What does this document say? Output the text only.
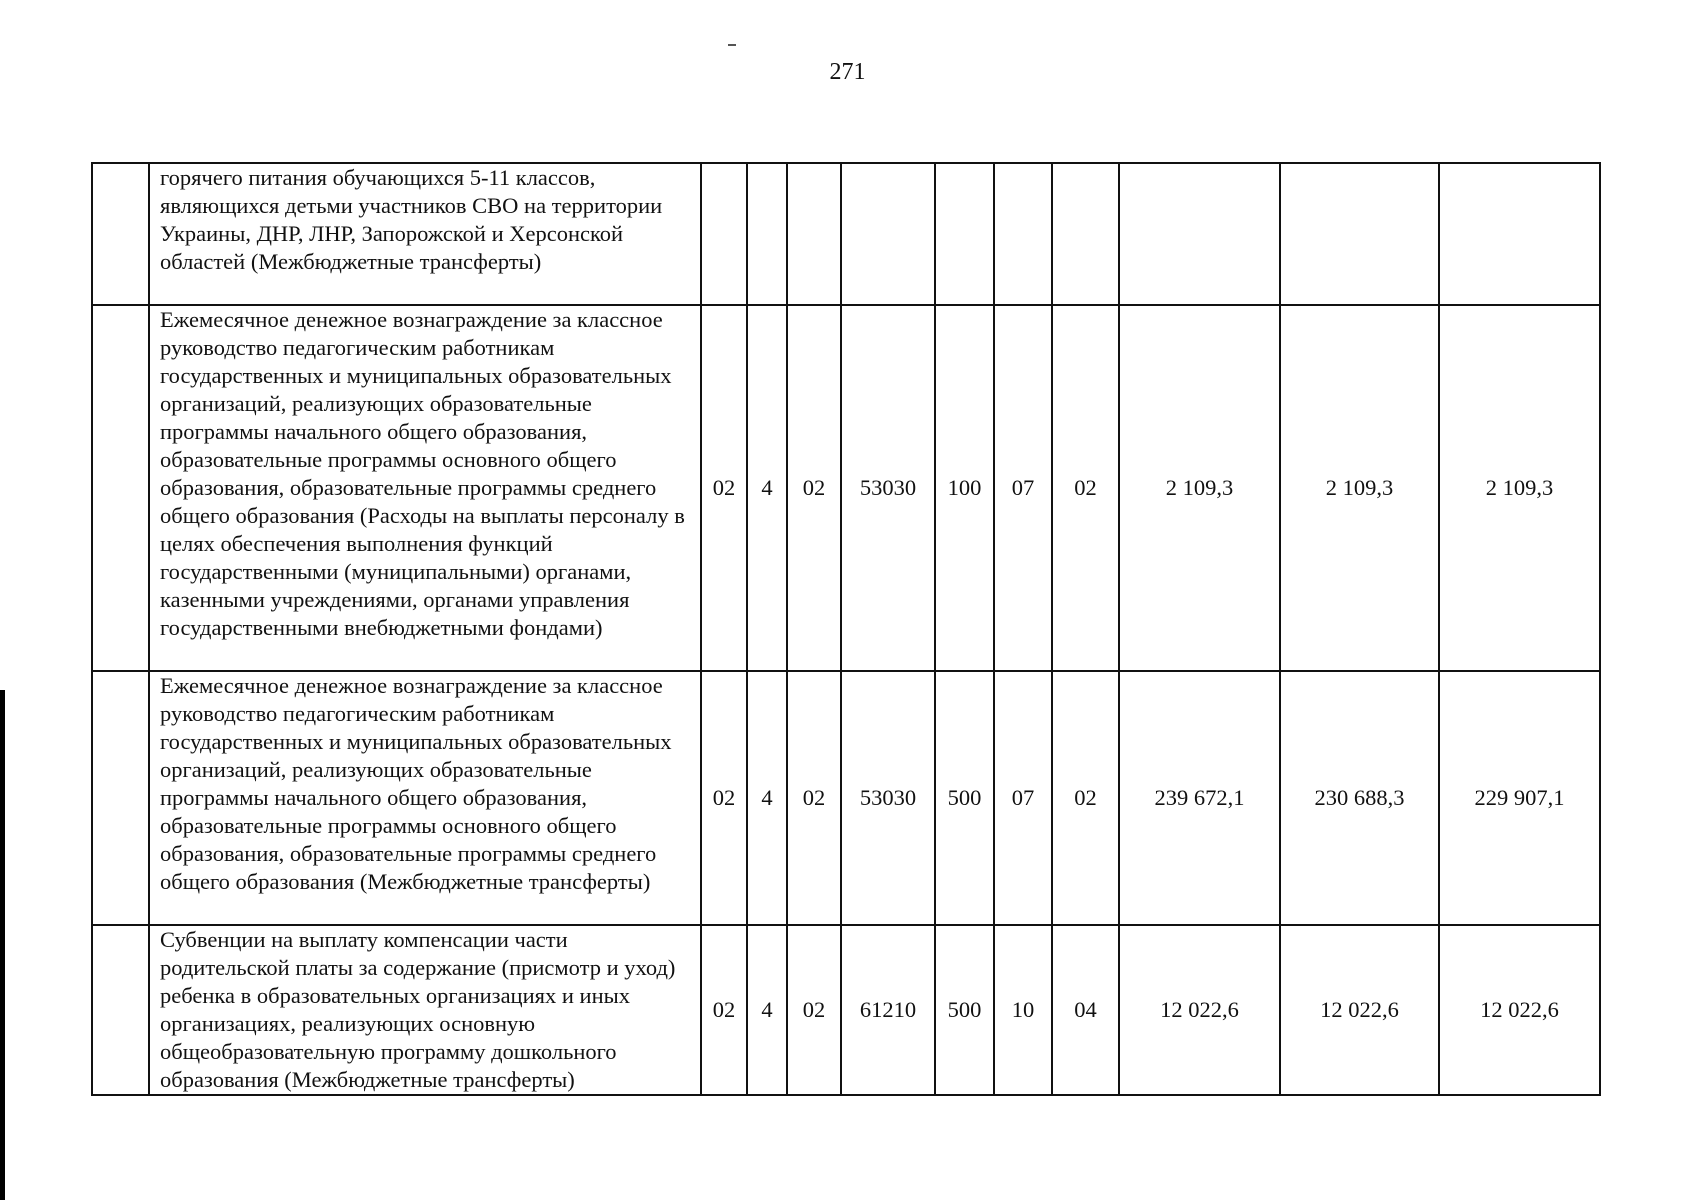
271
	горячего питания обучающихся 5-11 классов, являющихся детьми участников СВО на территории Украины, ДНР, ЛНР, Запорожской и Херсонской областей (Межбюджетные трансферты)										
	Ежемесячное денежное вознаграждение за классное руководство педагогическим работникам государственных и муниципальных образовательных организаций, реализующих образовательные программы начального общего образования, образовательные программы основного общего образования, образовательные программы среднего общего образования (Расходы на выплаты персоналу в целях обеспечения выполнения функций государственными (муниципальными) органами, казенными учреждениями, органами управления государственными внебюджетными фондами)	02	4	02	53030	100	07	02	2 109,3	2 109,3	2 109,3
	Ежемесячное денежное вознаграждение за классное руководство педагогическим работникам государственных и муниципальных образовательных организаций, реализующих образовательные программы начального общего образования, образовательные программы основного общего образования, образовательные программы среднего общего образования (Межбюджетные трансферты)	02	4	02	53030	500	07	02	239 672,1	230 688,3	229 907,1
	Субвенции на выплату компенсации части родительской платы за содержание (присмотр и уход) ребенка в образовательных организациях и иных организациях, реализующих основную общеобразовательную программу дошкольного образования (Межбюджетные трансферты)	02	4	02	61210	500	10	04	12 022,6	12 022,6	12 022,6
